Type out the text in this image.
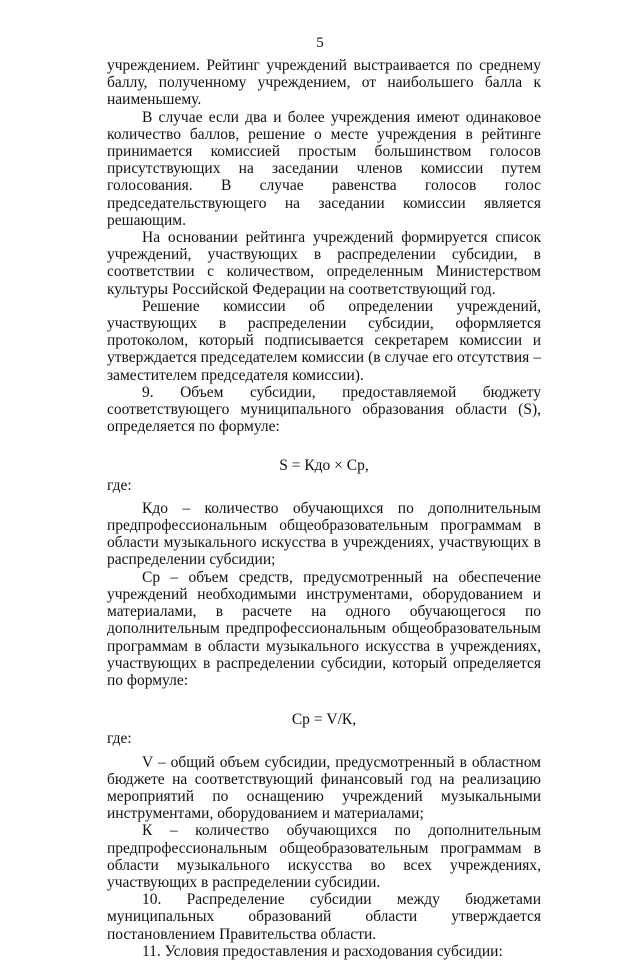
5

учреждением. Рейтинг учреждений выстраивается по среднему баллу, полученному учреждением, от наибольшего балла к наименьшему.

В случае если два и более учреждения имеют одинаковое количество баллов, решение о месте учреждения в рейтинге принимается комиссией простым большинством голосов присутствующих на заседании членов комиссии путем голосования. В случае равенства голосов голос председательствующего на заседании комиссии является решающим.

На основании рейтинга учреждений формируется список учреждений, участвующих в распределении субсидии, в соответствии с количеством, определенным Министерством культуры Российской Федерации на соответствующий год.

Решение комиссии об определении учреждений, участвующих в распределении субсидии, оформляется протоколом, который подписывается секретарем комиссии и утверждается председателем комиссии (в случае его отсутствия – заместителем председателя комиссии).

9. Объем субсидии, предоставляемой бюджету соответствующего муниципального образования области (S), определяется по формуле:

S = Кдо × Ср,

где:

Кдо – количество обучающихся по дополнительным предпрофессиональным общеобразовательным программам в области музыкального искусства в учреждениях, участвующих в распределении субсидии;

Ср – объем средств, предусмотренный на обеспечение учреждений необходимыми инструментами, оборудованием и материалами, в расчете на одного обучающегося по дополнительным предпрофессиональным общеобразовательным программам в области музыкального искусства в учреждениях, участвующих в распределении субсидии, который определяется по формуле:

Ср = V/К,

где:

V – общий объем субсидии, предусмотренный в областном бюджете на соответствующий финансовый год на реализацию мероприятий по оснащению учреждений музыкальными инструментами, оборудованием и материалами;

К – количество обучающихся по дополнительным предпрофессиональным общеобразовательным программам в области музыкального искусства во всех учреждениях, участвующих в распределении субсидии.

10. Распределение субсидии между бюджетами муниципальных образований области утверждается постановлением Правительства области.

11. Условия предоставления и расходования субсидии:
